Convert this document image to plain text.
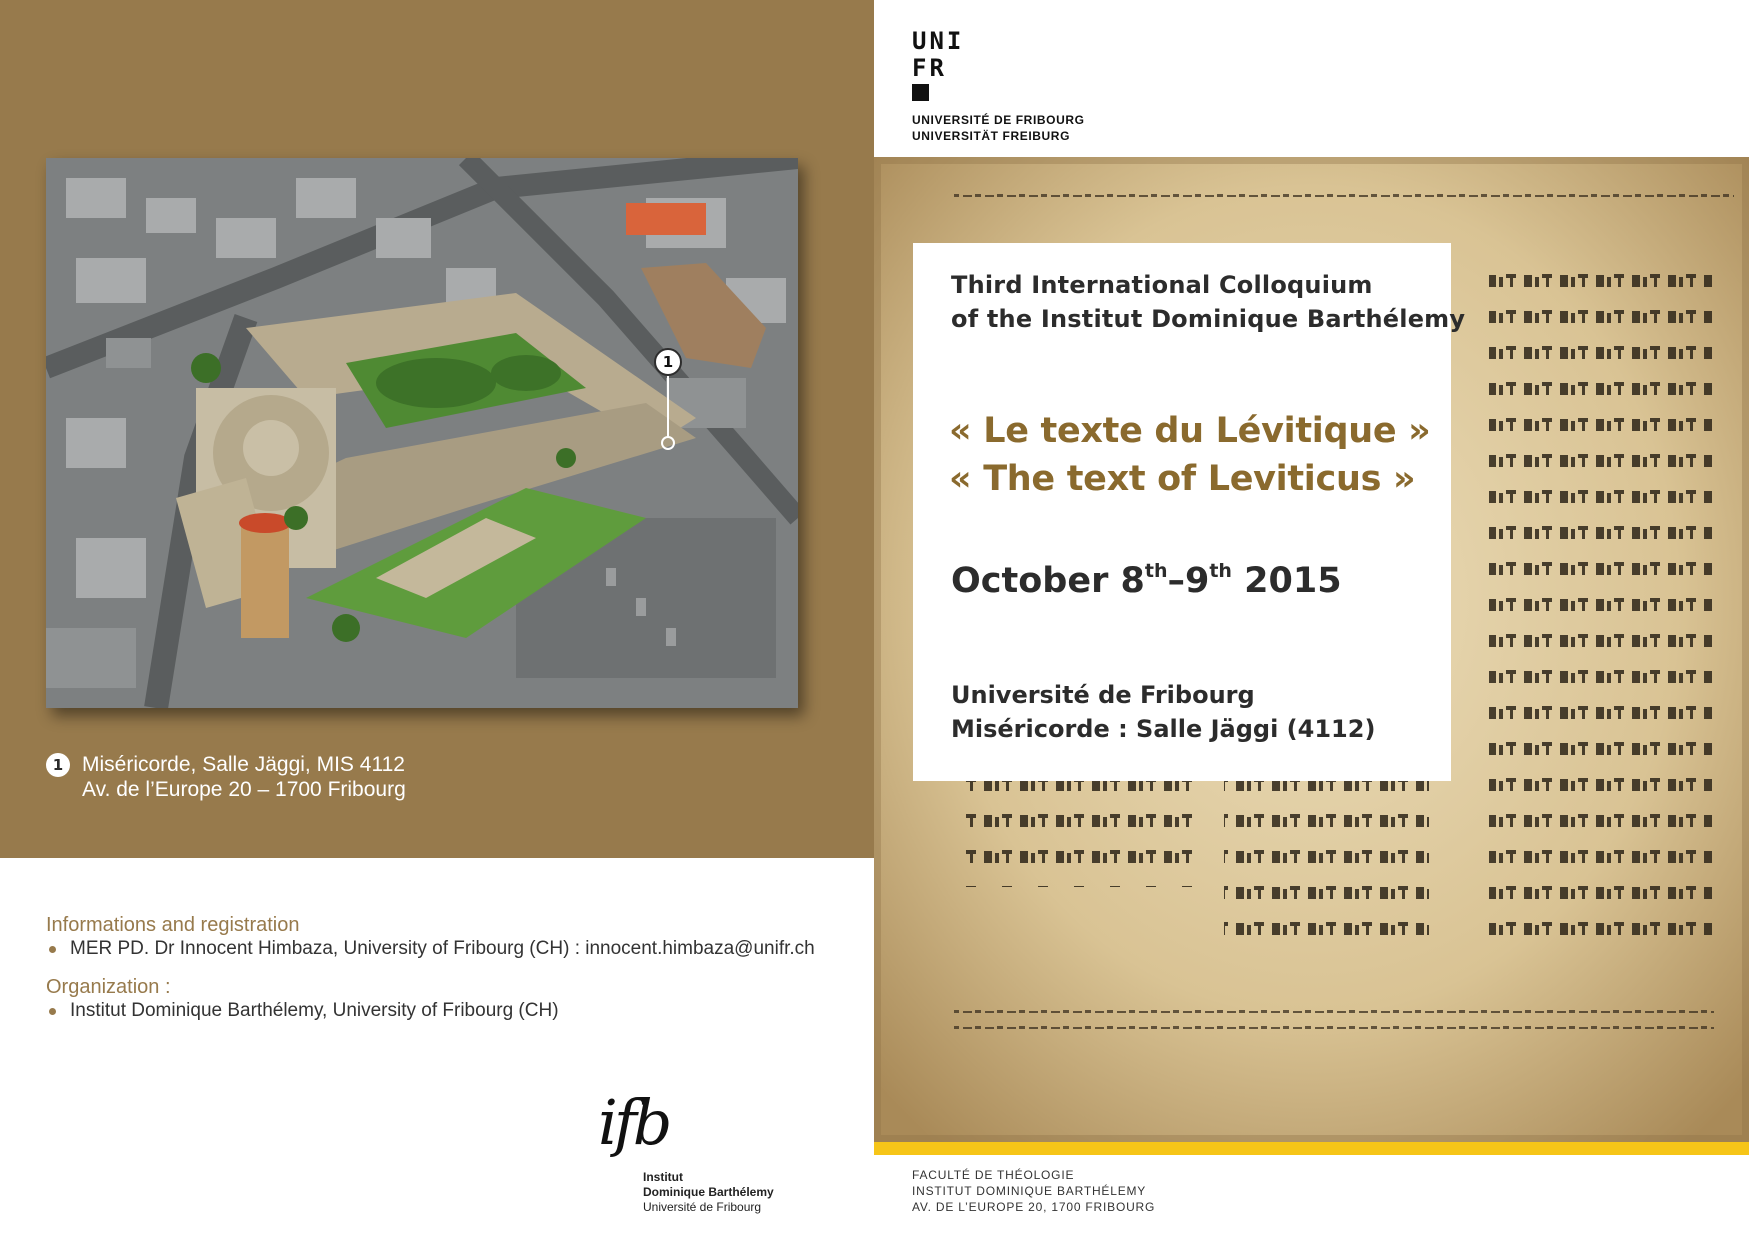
1
1 Miséricorde, Salle Jäggi, MIS 4112
Av. de l’Europe 20 – 1700 Fribourg
Informations and registration
MER PD. Dr Innocent Himbaza, University of Fribourg (CH) : innocent.himbaza@unifr.ch
Organization :
Institut Dominique Barthélemy, University of Fribourg (CH)
ifb
Institut
Dominique Barthélemy
Université de Fribourg
UNI
FR
UNIVERSITÉ DE FRIBOURG
UNIVERSITÄT FREIBURG
Third International Colloquium
of the Institut Dominique Barthélemy
« Le texte du Lévitique »
« The text of Leviticus »
October 8th–9th 2015
Université de Fribourg
Miséricorde : Salle Jäggi (4112)
FACULTÉ DE THÉOLOGIE
INSTITUT DOMINIQUE BARTHÉLEMY
AV. DE L’EUROPE 20, 1700 FRIBOURG
